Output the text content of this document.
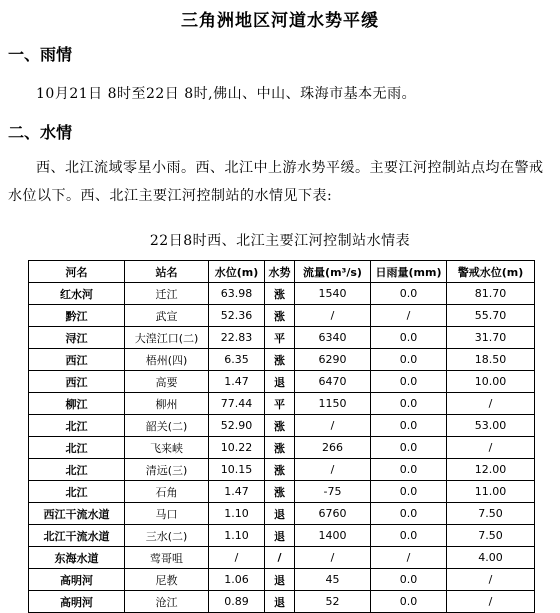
三角洲地区河道水势平缓
一、雨情
10月21日 8时至22日 8时,佛山、中山、珠海市基本无雨。
二、水情
西、北江流域零星小雨。西、北江中上游水势平缓。主要江河控制站点均在警戒水位以下。西、北江主要江河控制站的水情见下表:
22日8时西、北江主要江河控制站水情表
河名	站名	水位(m)	水势	流量(m³/s)	日雨量(mm)	警戒水位(m)
红水河	迁江	63.98	涨	1540	0.0	81.70
黔江	武宣	52.36	涨	/	/	55.70
浔江	大湟江口(二)	22.83	平	6340	0.0	31.70
西江	梧州(四)	6.35	涨	6290	0.0	18.50
西江	高要	1.47	退	6470	0.0	10.00
柳江	柳州	77.44	平	1150	0.0	/
北江	韶关(二)	52.90	涨	/	0.0	53.00
北江	飞来峡	10.22	涨	266	0.0	/
北江	清远(三)	10.15	涨	/	0.0	12.00
北江	石角	1.47	涨	-75	0.0	11.00
西江干流水道	马口	1.10	退	6760	0.0	7.50
北江干流水道	三水(二)	1.10	退	1400	0.0	7.50
东海水道	莺哥咀	/	/	/	/	4.00
高明河	尼教	1.06	退	45	0.0	/
高明河	沧江	0.89	退	52	0.0	/
